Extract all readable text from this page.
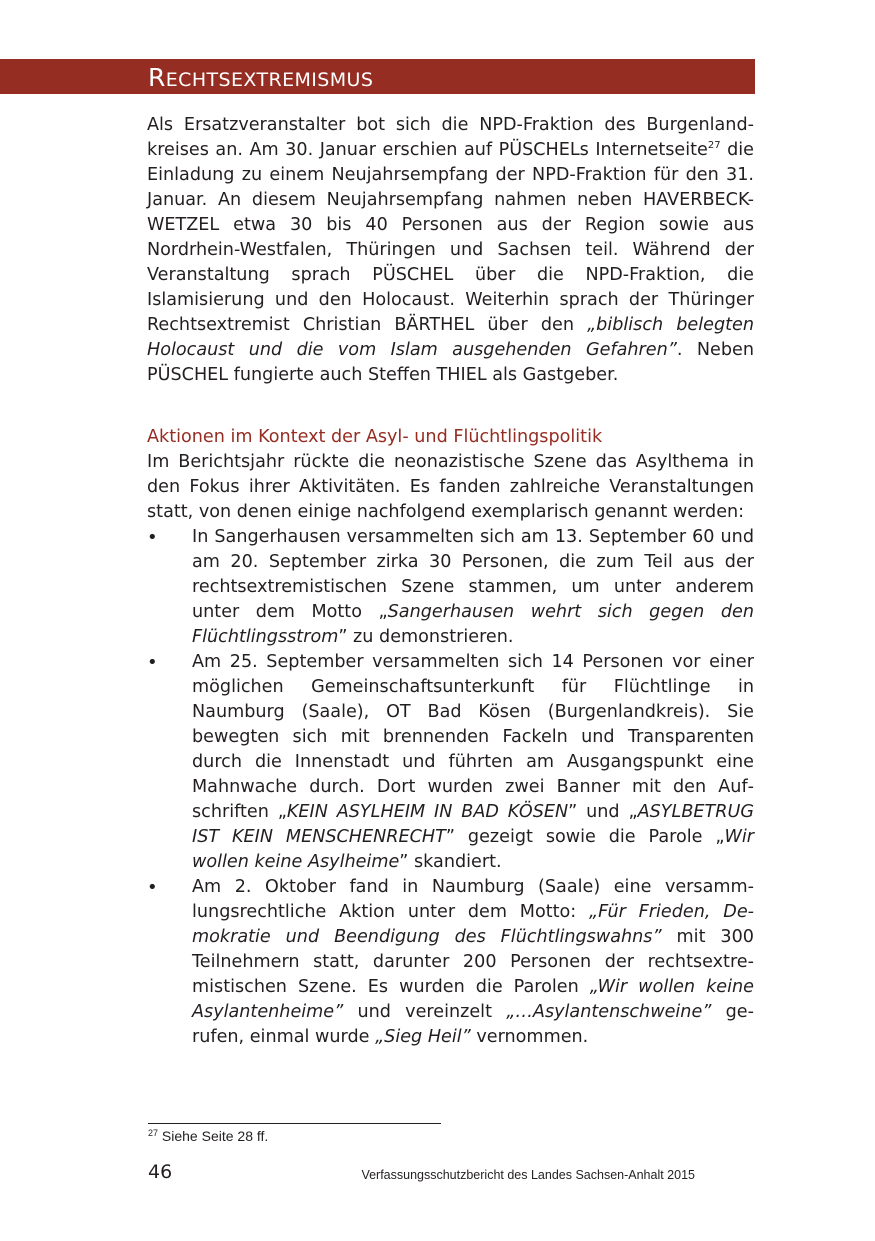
RECHTSEXTREMISMUS

Als Ersatzveranstalter bot sich die NPD-Fraktion des Burgenlandkreises an. Am 30. Januar erschien auf PÜSCHELs Internetseite$^{27}$ die Einladung zu einem Neujahrsempfang der NPD-Fraktion für den 31. Januar. An diesem Neujahrsempfang nahmen neben HAVERBECK-WETZEL etwa 30 bis 40 Personen aus der Region sowie aus Nordrhein-Westfalen, Thüringen und Sachsen teil. Während der Veranstaltung sprach PÜSCHEL über die NPD-Fraktion, die Islamisierung und den Holocaust. Weiterhin sprach der Thüringer Rechtsextremist Christian BÄRTHEL über den „biblisch belegten Holocaust und die vom Islam ausgehenden Gefahren”. Neben PÜSCHEL fungierte auch Steffen THIEL als Gastgeber.

Aktionen im Kontext der Asyl- und Flüchtlingspolitik

Im Berichtsjahr rückte die neonazistische Szene das Asylthema in den Fokus ihrer Aktivitäten. Es fanden zahlreiche Veranstaltungen statt, von denen einige nachfolgend exemplarisch genannt werden:

• In Sangerhausen versammelten sich am 13. September 60 und am 20. September zirka 30 Personen, die zum Teil aus der rechtsextremistischen Szene stammen, um unter anderem unter dem Motto „Sangerhausen wehrt sich gegen den Flüchtlingsstrom” zu demonstrieren.
• Am 25. September versammelten sich 14 Personen vor einer möglichen Gemeinschaftsunterkunft für Flüchtlinge in Naumburg (Saale), OT Bad Kösen (Burgenlandkreis). Sie bewegten sich mit brennenden Fackeln und Transparenten durch die Innenstadt und führten am Ausgangspunkt eine Mahnwache durch. Dort wurden zwei Banner mit den Aufschriften „KEIN ASYLHEIM IN BAD KÖSEN” und „ASYLBETRUG IST KEIN MENSCHENRECHT” gezeigt sowie die Parole „Wir wollen keine Asylheime” skandiert.
• Am 2. Oktober fand in Naumburg (Saale) eine versammlungsrechtliche Aktion unter dem Motto: „Für Frieden, Demokratie und Beendigung des Flüchtlingswahns” mit 300 Teilnehmern statt, darunter 200 Personen der rechtsextremistischen Szene. Es wurden die Parolen „Wir wollen keine Asylantenheime” und vereinzelt „…Asylantenschweine” gerufen, einmal wurde „Sieg Heil” vernommen.

$^{27}$ Siehe Seite 28 ff.

46	Verfassungsschutzbericht des Landes Sachsen-Anhalt 2015
